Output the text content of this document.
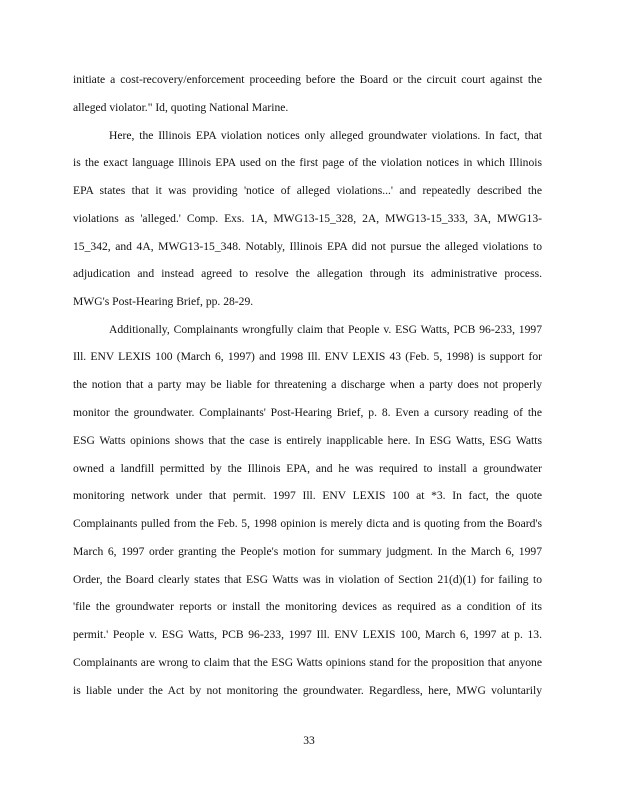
initiate a cost-recovery/enforcement proceeding before the Board or the circuit court against the
alleged violator." Id, quoting National Marine.
Here, the Illinois EPA violation notices only alleged groundwater violations. In fact, that
is the exact language Illinois EPA used on the first page of the violation notices in which Illinois
EPA states that it was providing 'notice of alleged violations...' and repeatedly described the
violations as 'alleged.' Comp. Exs. 1A, MWG13-15_328, 2A, MWG13-15_333, 3A, MWG13-
15_342, and 4A, MWG13-15_348. Notably, Illinois EPA did not pursue the alleged violations to
adjudication and instead agreed to resolve the allegation through its administrative process.
MWG's Post-Hearing Brief, pp. 28-29.
Additionally, Complainants wrongfully claim that People v. ESG Watts, PCB 96-233, 1997
Ill. ENV LEXIS 100 (March 6, 1997) and 1998 Ill. ENV LEXIS 43 (Feb. 5, 1998) is support for
the notion that a party may be liable for threatening a discharge when a party does not properly
monitor the groundwater. Complainants' Post-Hearing Brief, p. 8. Even a cursory reading of the
ESG Watts opinions shows that the case is entirely inapplicable here. In ESG Watts, ESG Watts
owned a landfill permitted by the Illinois EPA, and he was required to install a groundwater
monitoring network under that permit. 1997 Ill. ENV LEXIS 100 at *3. In fact, the quote
Complainants pulled from the Feb. 5, 1998 opinion is merely dicta and is quoting from the Board's
March 6, 1997 order granting the People's motion for summary judgment. In the March 6, 1997
Order, the Board clearly states that ESG Watts was in violation of Section 21(d)(1) for failing to
'file the groundwater reports or install the monitoring devices as required as a condition of its
permit.' People v. ESG Watts, PCB 96-233, 1997 Ill. ENV LEXIS 100, March 6, 1997 at p. 13.
Complainants are wrong to claim that the ESG Watts opinions stand for the proposition that anyone
is liable under the Act by not monitoring the groundwater. Regardless, here, MWG voluntarily
33
